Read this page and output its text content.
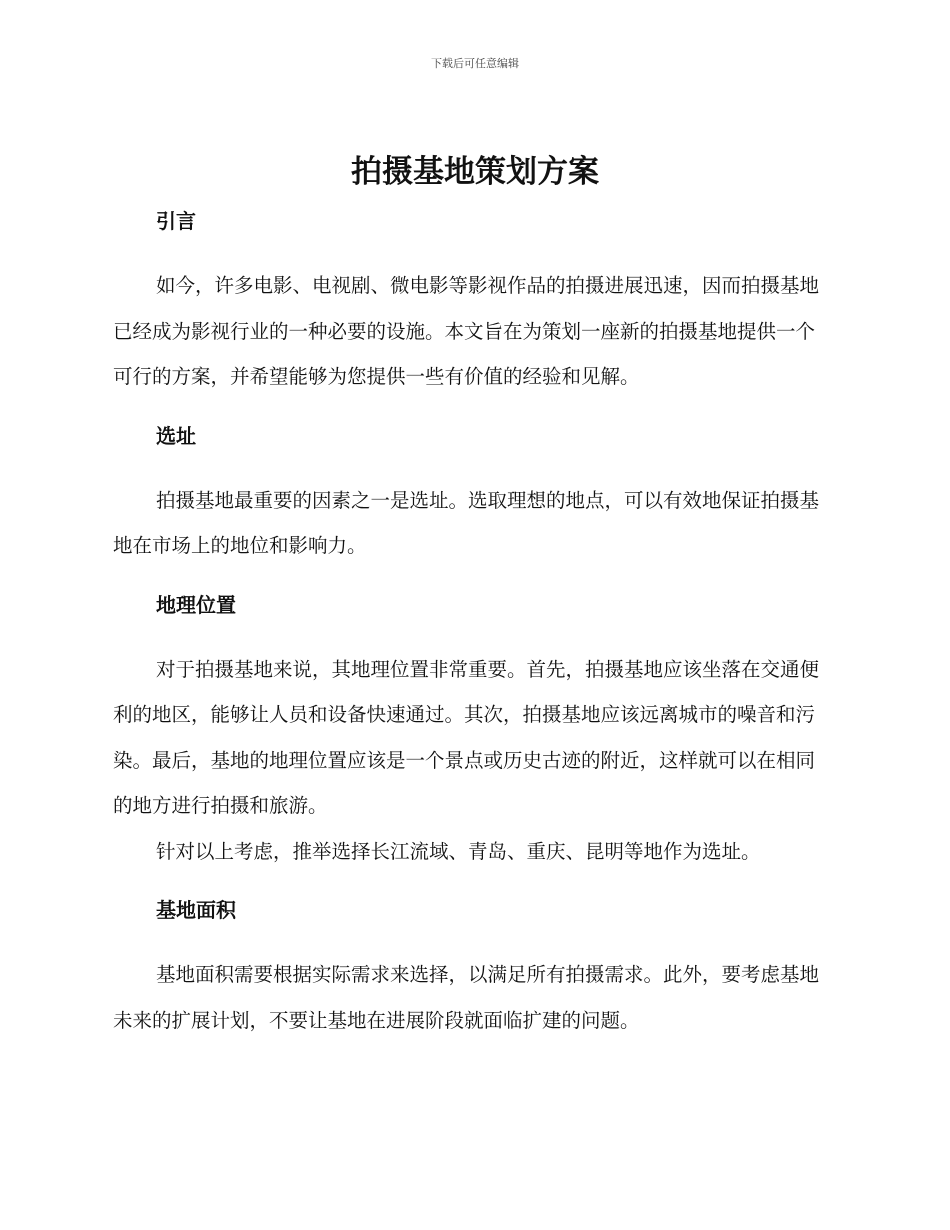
下载后可任意编辑
拍摄基地策划方案
引言

如今，许多电影、电视剧、微电影等影视作品的拍摄进展迅速，因而拍摄基地已经成为影视行业的一种必要的设施。本文旨在为策划一座新的拍摄基地提供一个可行的方案，并希望能够为您提供一些有价值的经验和见解。

选址

拍摄基地最重要的因素之一是选址。选取理想的地点，可以有效地保证拍摄基地在市场上的地位和影响力。

地理位置

对于拍摄基地来说，其地理位置非常重要。首先，拍摄基地应该坐落在交通便利的地区，能够让人员和设备快速通过。其次，拍摄基地应该远离城市的噪音和污染。最后，基地的地理位置应该是一个景点或历史古迹的附近，这样就可以在相同的地方进行拍摄和旅游。

针对以上考虑，推举选择长江流域、青岛、重庆、昆明等地作为选址。

基地面积

基地面积需要根据实际需求来选择，以满足所有拍摄需求。此外，要考虑基地未来的扩展计划，不要让基地在进展阶段就面临扩建的问题。
